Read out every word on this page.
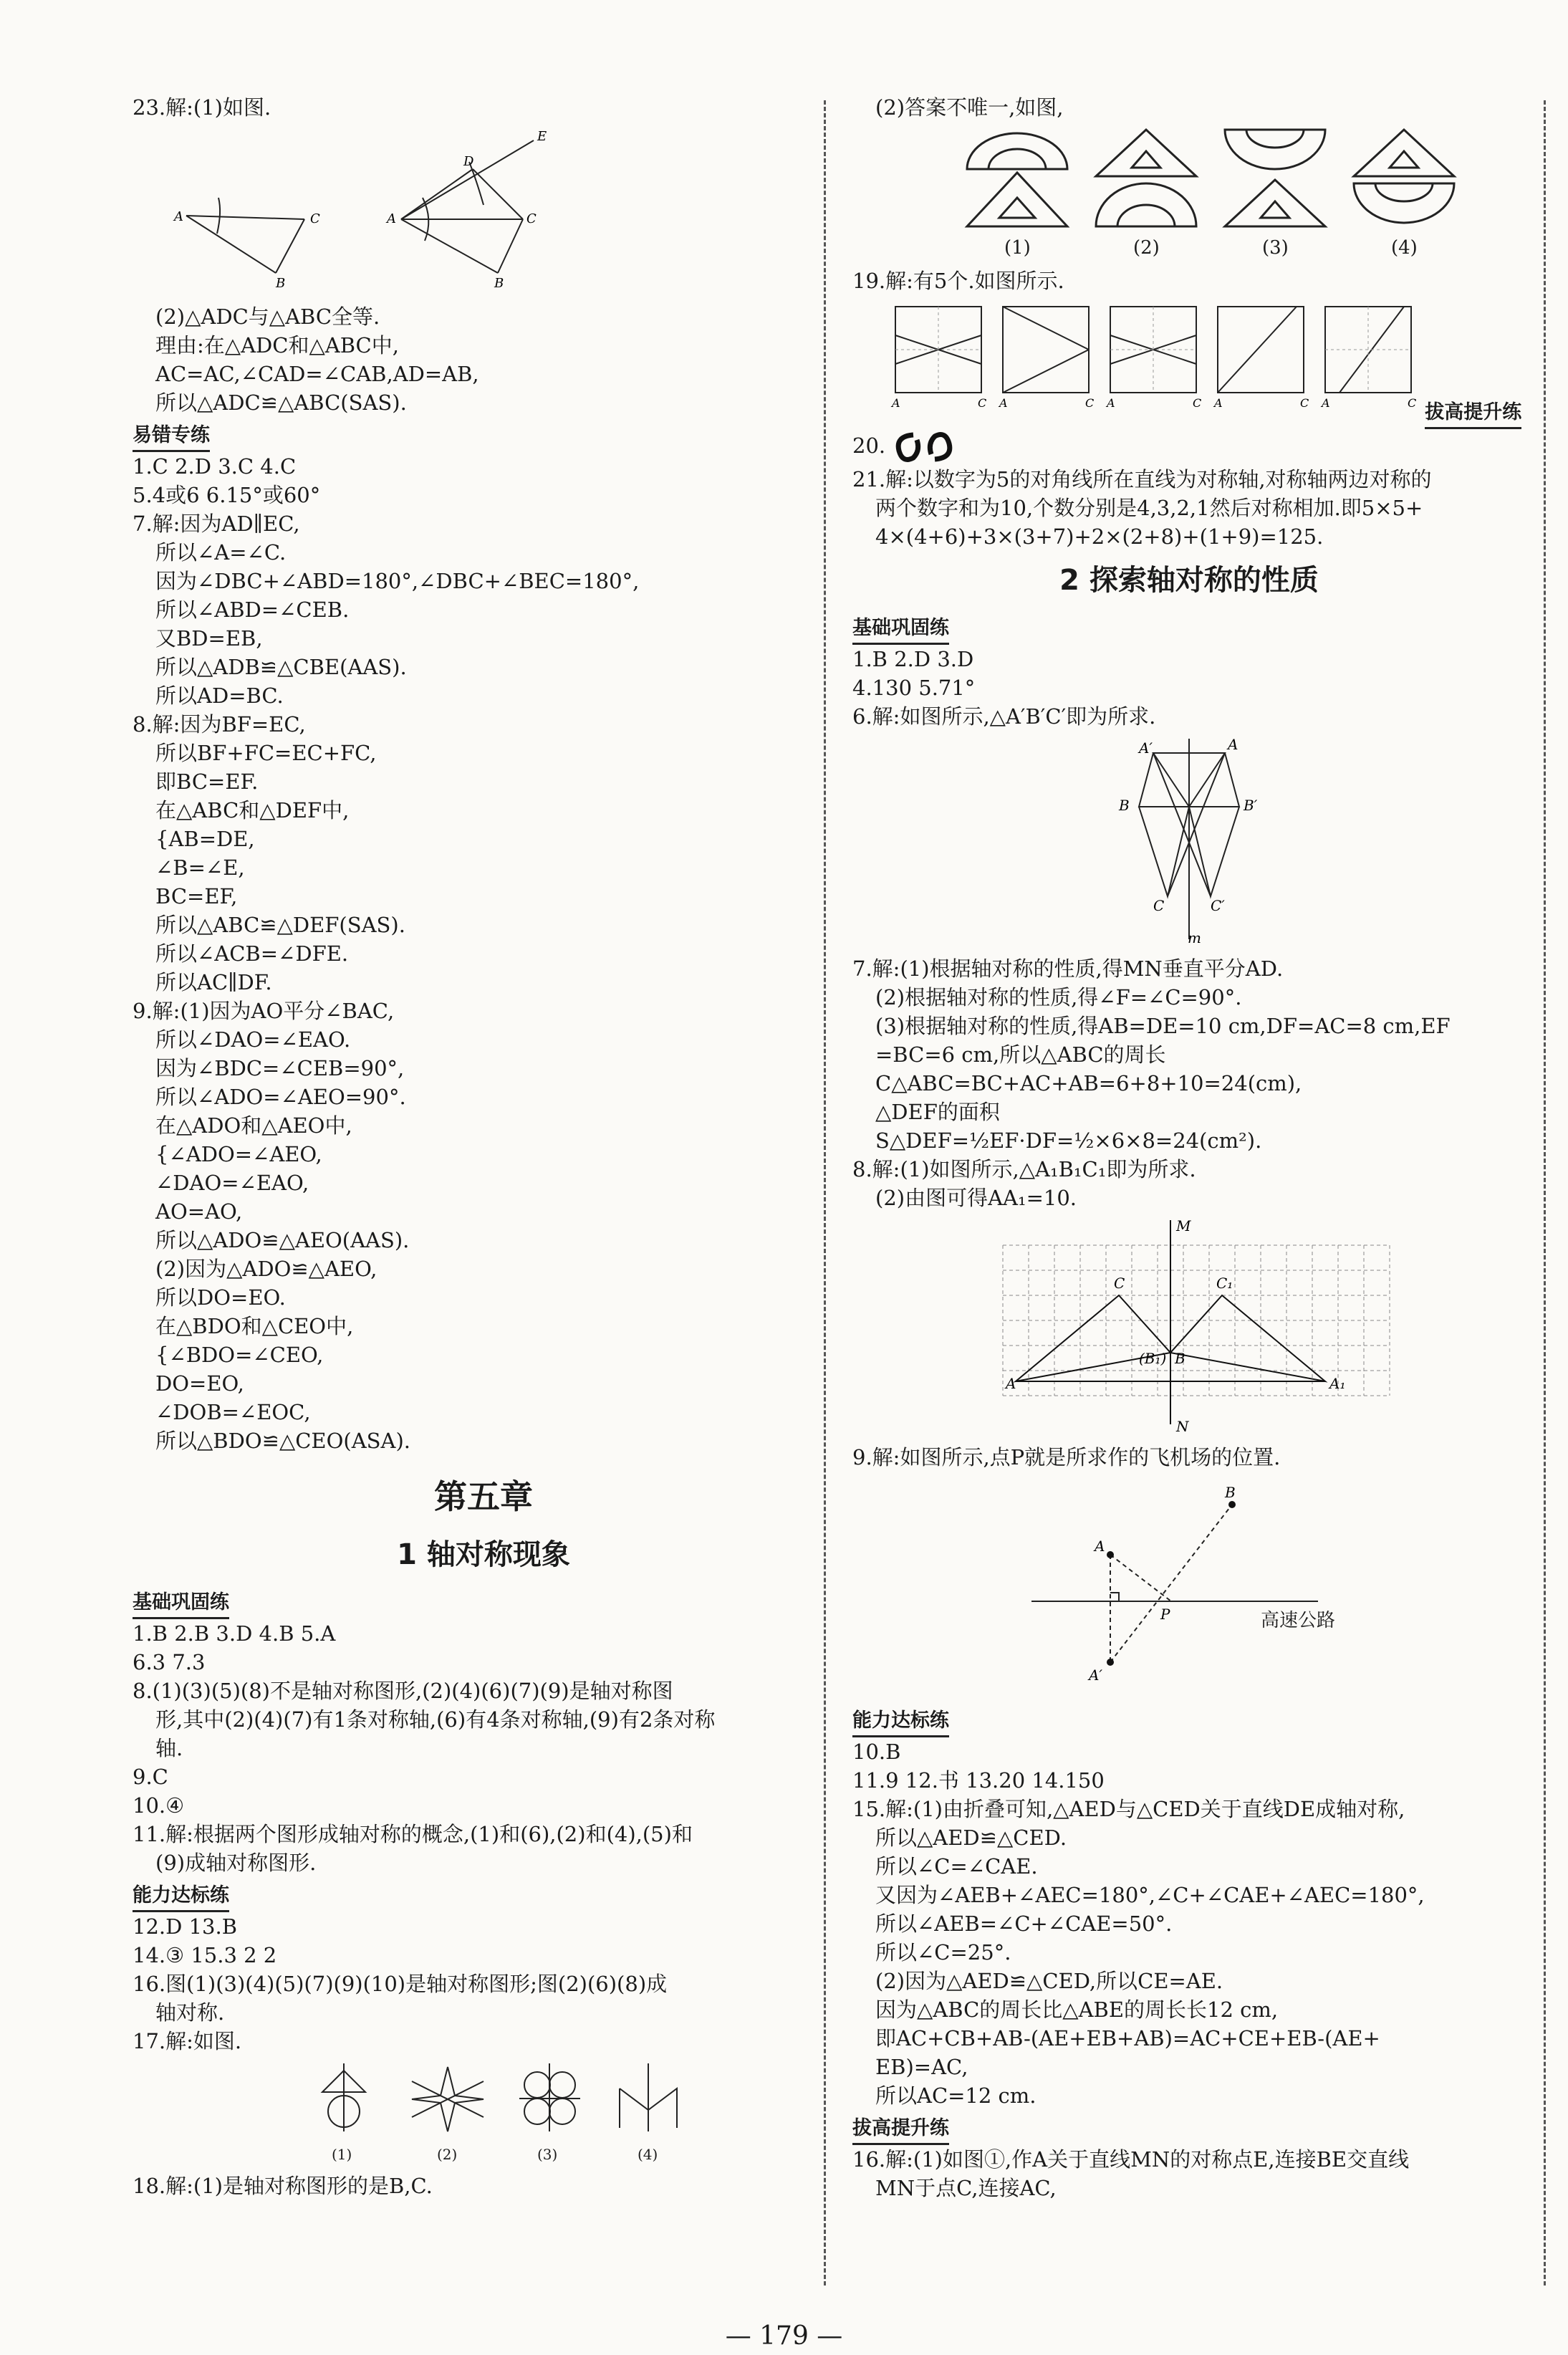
23.解:(1)如图.
A	C
B
A	C
B
D
E
(2)△ADC与△ABC全等.
理由:在△ADC和△ABC中,
AC=AC,∠CAD=∠CAB,AD=AB,
所以△ADC≌△ABC(SAS).
易错专练
1.C 2.D 3.C 4.C
5.4或6 6.15°或60°
7.解:因为AD∥EC,
所以∠A=∠C.
因为∠DBC+∠ABD=180°,∠DBC+∠BEC=180°,
所以∠ABD=∠CEB.
又BD=EB,
所以△ADB≌△CBE(AAS).
所以AD=BC.
8.解:因为BF=EC,
所以BF+FC=EC+FC,
即BC=EF.
在△ABC和△DEF中,
{AB=DE,
∠B=∠E,
BC=EF,
所以△ABC≌△DEF(SAS).
所以∠ACB=∠DFE.
所以AC∥DF.
9.解:(1)因为AO平分∠BAC,
所以∠DAO=∠EAO.
因为∠BDC=∠CEB=90°,
所以∠ADO=∠AEO=90°.
在△ADO和△AEO中,
{∠ADO=∠AEO,
∠DAO=∠EAO,
AO=AO,
所以△ADO≌△AEO(AAS).
(2)因为△ADO≌△AEO,
所以DO=EO.
在△BDO和△CEO中,
{∠BDO=∠CEO,
DO=EO,
∠DOB=∠EOC,
所以△BDO≌△CEO(ASA).
第五章
1 轴对称现象
基础巩固练
1.B 2.B 3.D 4.B 5.A
6.3 7.3
8.(1)(3)(5)(8)不是轴对称图形,(2)(4)(6)(7)(9)是轴对称图
形,其中(2)(4)(7)有1条对称轴,(6)有4条对称轴,(9)有2条对称
轴.
9.C
10.④
11.解:根据两个图形成轴对称的概念,(1)和(6),(2)和(4),(5)和
(9)成轴对称图形.
能力达标练
12.D 13.B
14.③ 15.3 2 2
16.图(1)(3)(4)(5)(7)(9)(10)是轴对称图形;图(2)(6)(8)成
轴对称.
17.解:如图.
(1)	(2)	(3)	(4)
18.解:(1)是轴对称图形的是B,C.
(2)答案不唯一,如图,
(1)	(2)	(3)	(4)
19.解:有5个.如图所示.
A	C A	C A	C A	C A	C 拔高提升练
20.
21.解:以数字为5的对角线所在直线为对称轴,对称轴两边对称的
两个数字和为10,个数分别是4,3,2,1然后对称相加.即5×5+
4×(4+6)+3×(3+7)+2×(2+8)+(1+9)=125.
2 探索轴对称的性质
基础巩固练
1.B 2.D 3.D
4.130 5.71°
6.解:如图所示,△A′B′C′即为所求.
A′	A
B	B′
C	C′
m
7.解:(1)根据轴对称的性质,得MN垂直平分AD.
(2)根据轴对称的性质,得∠F=∠C=90°.
(3)根据轴对称的性质,得AB=DE=10 cm,DF=AC=8 cm,EF
=BC=6 cm,所以△ABC的周长
C△ABC=BC+AC+AB=6+8+10=24(cm),
△DEF的面积
S△DEF=½EF·DF=½×6×8=24(cm²).
8.解:(1)如图所示,△A₁B₁C₁即为所求.
(2)由图可得AA₁=10.
M
N
C	C₁
A	A₁
(B₁) B
9.解:如图所示,点P就是所求作的飞机场的位置.
A
A′
B
P	高速公路
能力达标练
10.B
11.9 12.书 13.20 14.150
15.解:(1)由折叠可知,△AED与△CED关于直线DE成轴对称,
所以△AED≌△CED.
所以∠C=∠CAE.
又因为∠AEB+∠AEC=180°,∠C+∠CAE+∠AEC=180°,
所以∠AEB=∠C+∠CAE=50°.
所以∠C=25°.
(2)因为△AED≌△CED,所以CE=AE.
因为△ABC的周长比△ABE的周长长12 cm,
即AC+CB+AB-(AE+EB+AB)=AC+CE+EB-(AE+
EB)=AC,
所以AC=12 cm.
拔高提升练
16.解:(1)如图①,作A关于直线MN的对称点E,连接BE交直线
MN于点C,连接AC,
— 179 —
